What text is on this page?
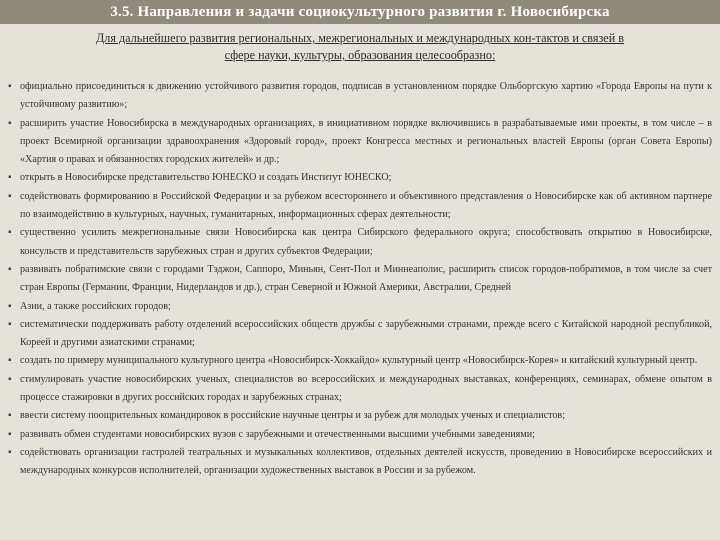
3.5. Направления и задачи социокультурного развития г. Новосибирска
Для дальнейшего развития региональных, межрегиональных и международных кон-тактов и связей в сфере науки, культуры, образования целесообразно:
▪ официально присоединиться к движению устойчивого развития городов, подписав в установленном порядке Ольборгскую хартию «Города Европы на пути к устойчивому развитию»;
▪ расширить участие Новосибирска в международных организациях, в инициативном порядке включившись в разрабатываемые ими проекты, в том числе – в проект Всемирной организации здравоохранения «Здоровый город», проект Конгресса местных и региональных властей Европы (орган Совета Европы) «Хартия о правах и обязанностях городских жителей» и др.;
▪ открыть в Новосибирске представительство ЮНЕСКО и создать Институт ЮНЕСКО;
▪ содействовать формированию в Российской Федерации и за рубежом всестороннего и объективного представления о Новосибирске как об активном партнере по взаимодействию в культурных, научных, гуманитарных, информационных сферах деятельности;
▪ существенно усилить межрегиональные связи Новосибирска как центра Сибирского федерального округа; способствовать открытию в Новосибирске, консульств и представительств зарубежных стран и других субъектов Федерации;
▪ развивать побратимские связи с городами Тэджон, Саппоро, Миньян, Сент-Пол и Миннеаполис, расширить список городов-побратимов, в том числе за счет стран Европы (Германии, Франции, Нидерландов и др.), стран Северной и Южной Америки, Австралии, Средней
▪ Азии, а также российских городов;
▪ систематически поддерживать работу отделений всероссийских обществ дружбы с зарубежными странами, прежде всего с Китайской народной республикой, Кореей и другими азиатскими странами;
▪ создать по примеру муниципального культурного центра «Новосибирск-Хоккайдо» культурный центр «Новосибирск-Корея» и китайский культурный центр.
▪ стимулировать участие новосибирских ученых, специалистов во всероссийских и международных выставках, конференциях, семинарах, обмене опытом в процессе стажировки в других российских городах и зарубежных странах;
▪ ввести систему поощрительных командировок в российские научные центры и за рубеж для молодых ученых и специалистов;
▪ развивать обмен студентами новосибирских вузов с зарубежными и отечественными высшими учебными заведениями;
▪ содействовать организации гастролей театральных и музыкальных коллективов, отдельных деятелей искусств, проведению в Новосибирске всероссийских и международных конкурсов исполнителей, организации художественных выставок в России и за рубежом.
